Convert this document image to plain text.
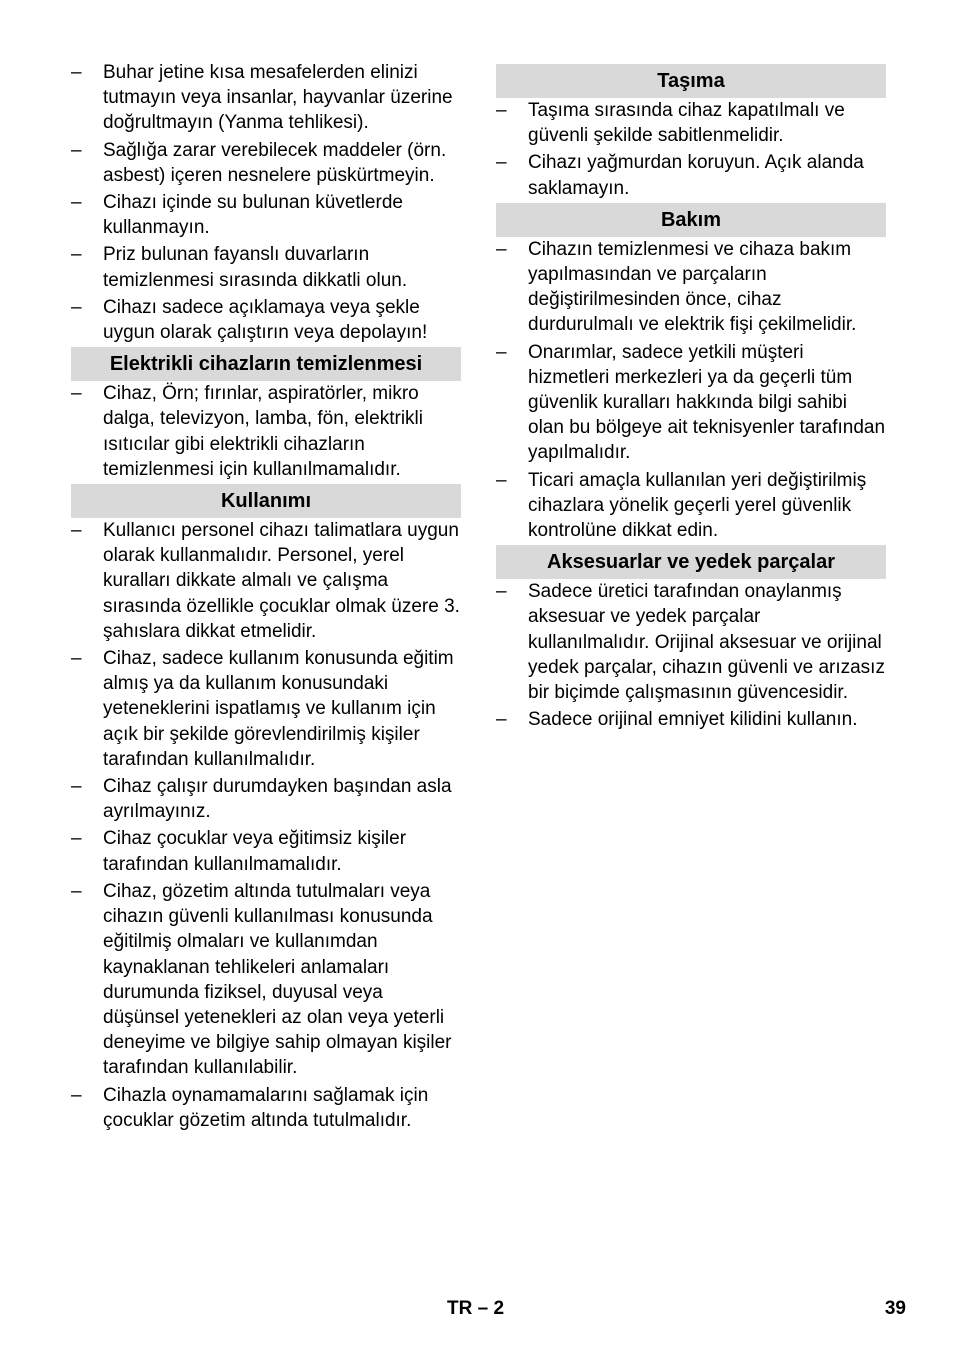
–	Buhar jetine kısa mesafelerden elinizi tutmayın veya insanlar, hayvanlar üzerine doğrultmayın (Yanma tehlikesi).
–	Sağlığa zarar verebilecek maddeler (örn. asbest) içeren nesnelere püskürtmeyin.
–	Cihazı içinde su bulunan küvetlerde kullanmayın.
–	Priz bulunan fayanslı duvarların temizlenmesi sırasında dikkatli olun.
–	Cihazı sadece açıklamaya veya şekle uygun olarak çalıştırın veya depolayın!
Elektrikli cihazların temizlenmesi
–	Cihaz, Örn; fırınlar, aspiratörler, mikro dalga, televizyon, lamba, fön, elektrikli ısıtıcılar gibi elektrikli cihazların temizlenmesi için kullanılmamalıdır.
Kullanımı
–	Kullanıcı personel cihazı talimatlara uygun olarak kullanmalıdır. Personel, yerel kuralları dikkate almalı ve çalışma sırasında özellikle çocuklar olmak üzere 3. şahıslara dikkat etmelidir.
–	Cihaz, sadece kullanım konusunda eğitim almış ya da kullanım konusundaki yeteneklerini ispatlamış ve kullanım için açık bir şekilde görevlendirilmiş kişiler tarafından kullanılmalıdır.
–	Cihaz çalışır durumdayken başından asla ayrılmayınız.
–	Cihaz çocuklar veya eğitimsiz kişiler tarafından kullanılmamalıdır.
–	Cihaz, gözetim altında tutulmaları veya cihazın güvenli kullanılması konusunda eğitilmiş olmaları ve kullanımdan kaynaklanan tehlikeleri anlamaları durumunda fiziksel, duyusal veya düşünsel yetenekleri az olan veya yeterli deneyime ve bilgiye sahip olmayan kişiler tarafından kullanılabilir.
–	Cihazla oynamamalarını sağlamak için çocuklar gözetim altında tutulmalıdır.
Taşıma
–	Taşıma sırasında cihaz kapatılmalı ve güvenli şekilde sabitlenmelidir.
–	Cihazı yağmurdan koruyun. Açık alanda saklamayın.
Bakım
–	Cihazın temizlenmesi ve cihaza bakım yapılmasından ve parçaların değiştirilmesinden önce, cihaz durdurulmalı ve elektrik fişi çekilmelidir.
–	Onarımlar, sadece yetkili müşteri hizmetleri merkezleri ya da geçerli tüm güvenlik kuralları hakkında bilgi sahibi olan bu bölgeye ait teknisyenler tarafından yapılmalıdır.
–	Ticari amaçla kullanılan yeri değiştirilmiş cihazlara yönelik geçerli yerel güvenlik kontrolüne dikkat edin.
Aksesuarlar ve yedek parçalar
–	Sadece üretici tarafından onaylanmış aksesuar ve yedek parçalar kullanılmalıdır. Orijinal aksesuar ve orijinal yedek parçalar, cihazın güvenli ve arızasız bir biçimde çalışmasının güvencesidir.
–	Sadece orijinal emniyet kilidini kullanın.
TR – 2	39
